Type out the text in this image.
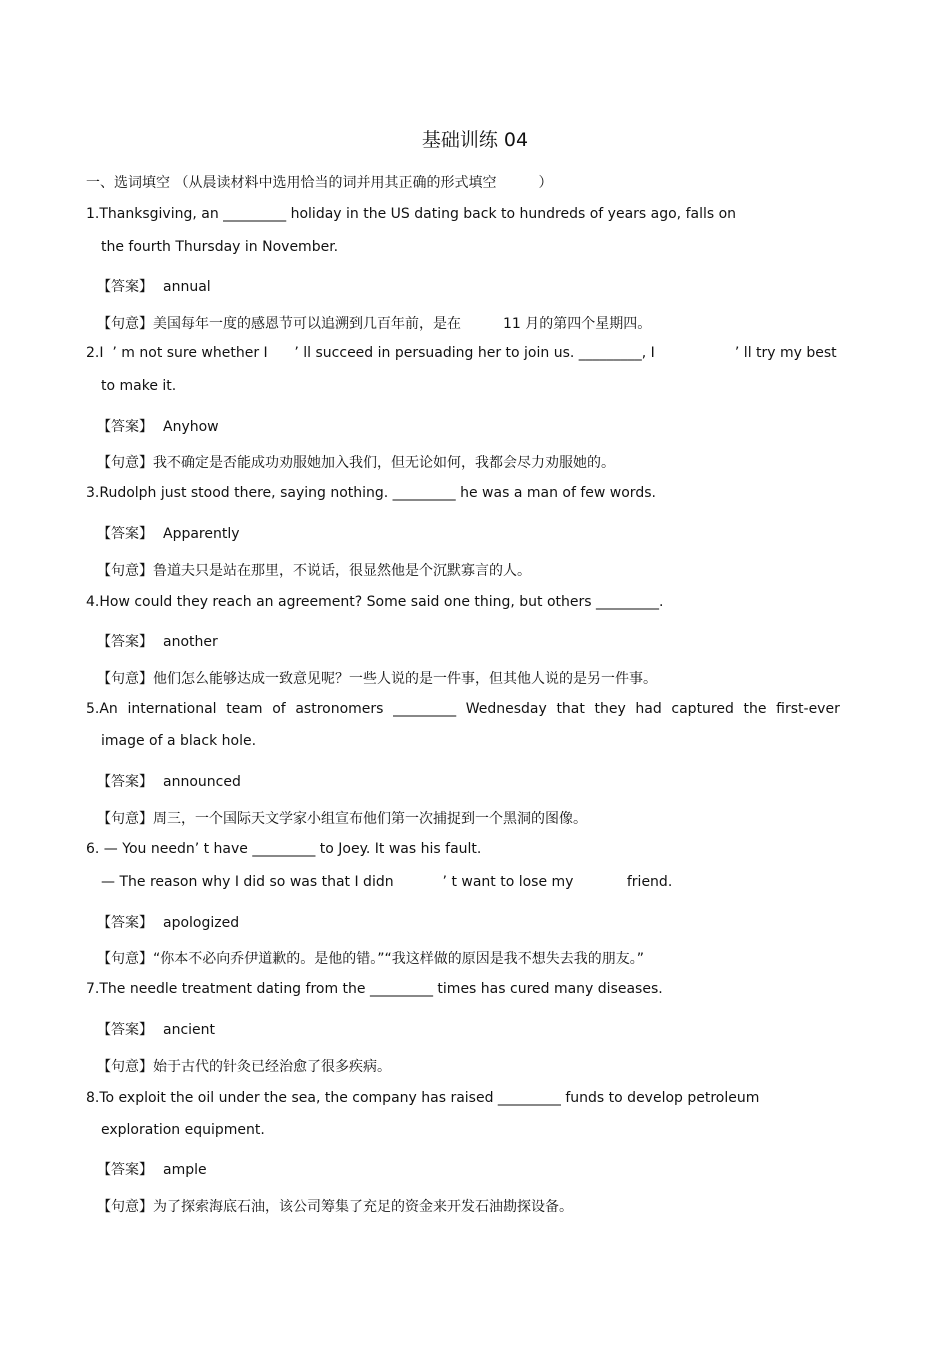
基础训练 04
一、选词填空 （从晨读材料中选用恰当的词并用其正确的形式填空　　　）
1.Thanksgiving, an _________ holiday in the US dating back to hundreds of years ago, falls on
the fourth Thursday in November.
【答案】 annual
【句意】美国每年一度的感恩节可以追溯到几百年前，是在　　　11 月的第四个星期四。
2.I  ’ m not sure whether I      ’ ll succeed in persuading her to join us. _________, I                  ’ ll try my best
to make it.
【答案】 Anyhow
【句意】我不确定是否能成功劝服她加入我们，但无论如何，我都会尽力劝服她的。
3.Rudolph just stood there, saying nothing. _________ he was a man of few words.
【答案】 Apparently
【句意】鲁道夫只是站在那里，不说话，很显然他是个沉默寡言的人。
4.How could they reach an agreement? Some said one thing, but others _________.
【答案】 another
【句意】他们怎么能够达成一致意见呢？一些人说的是一件事，但其他人说的是另一件事。
5.An international team of astronomers _________ Wednesday that they had captured the first-ever
image of a black hole.
【答案】 announced
【句意】周三，一个国际天文学家小组宣布他们第一次捕捉到一个黑洞的图像。
6. — You needn’ t have _________ to Joey. It was his fault.
— The reason why I did so was that I didn           ’ t want to lose my            friend.
【答案】 apologized
【句意】“你本不必向乔伊道歉的。是他的错。”“我这样做的原因是我不想失去我的朋友。”
7.The needle treatment dating from the _________ times has cured many diseases.
【答案】 ancient
【句意】始于古代的针灸已经治愈了很多疾病。
8.To exploit the oil under the sea, the company has raised _________ funds to develop petroleum
exploration equipment.
【答案】 ample
【句意】为了探索海底石油，该公司筹集了充足的资金来开发石油勘探设备。
